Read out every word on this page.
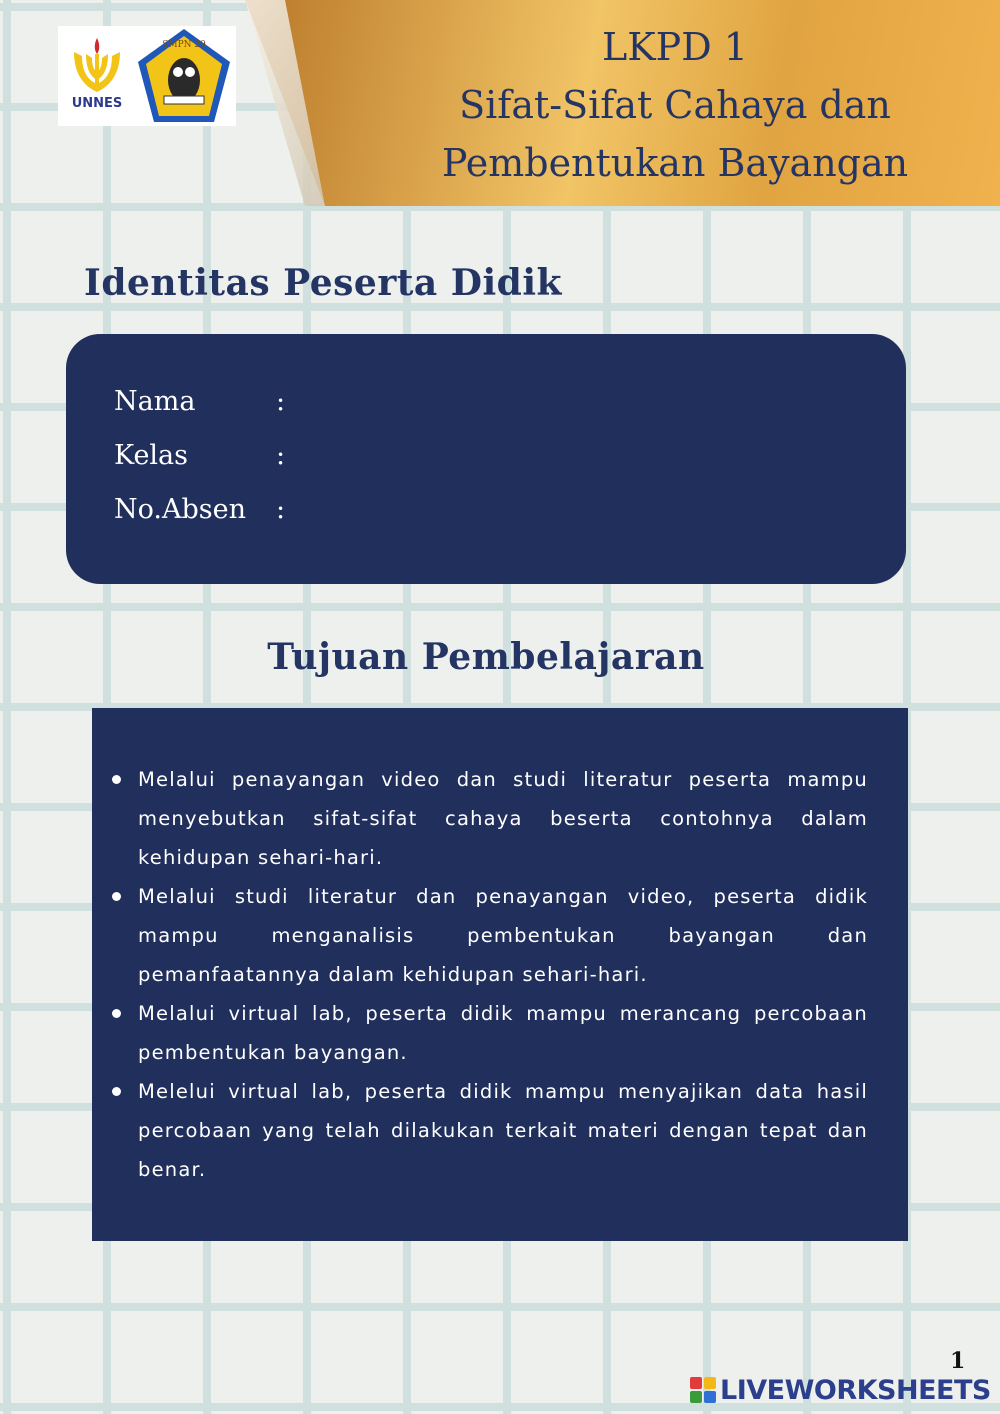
LKPD 1
Sifat-Sifat Cahaya dan
Pembentukan Bayangan
UNNES
SMPN 29
Identitas Peserta Didik
Nama	:
Kelas	:
No.Absen :
Tujuan Pembelajaran
Melalui penayangan video dan studi literatur peserta mampu menyebutkan sifat-sifat cahaya beserta contohnya dalam kehidupan sehari-hari.
Melalui studi literatur dan penayangan video, peserta didik mampu menganalisis pembentukan bayangan dan pemanfaatannya dalam kehidupan sehari-hari.
Melalui virtual lab, peserta didik mampu merancang percobaan pembentukan bayangan.
Melelui virtual lab, peserta didik mampu menyajikan data hasil percobaan yang telah dilakukan terkait materi dengan tepat dan benar.
1
LIVEWORKSHEETS
